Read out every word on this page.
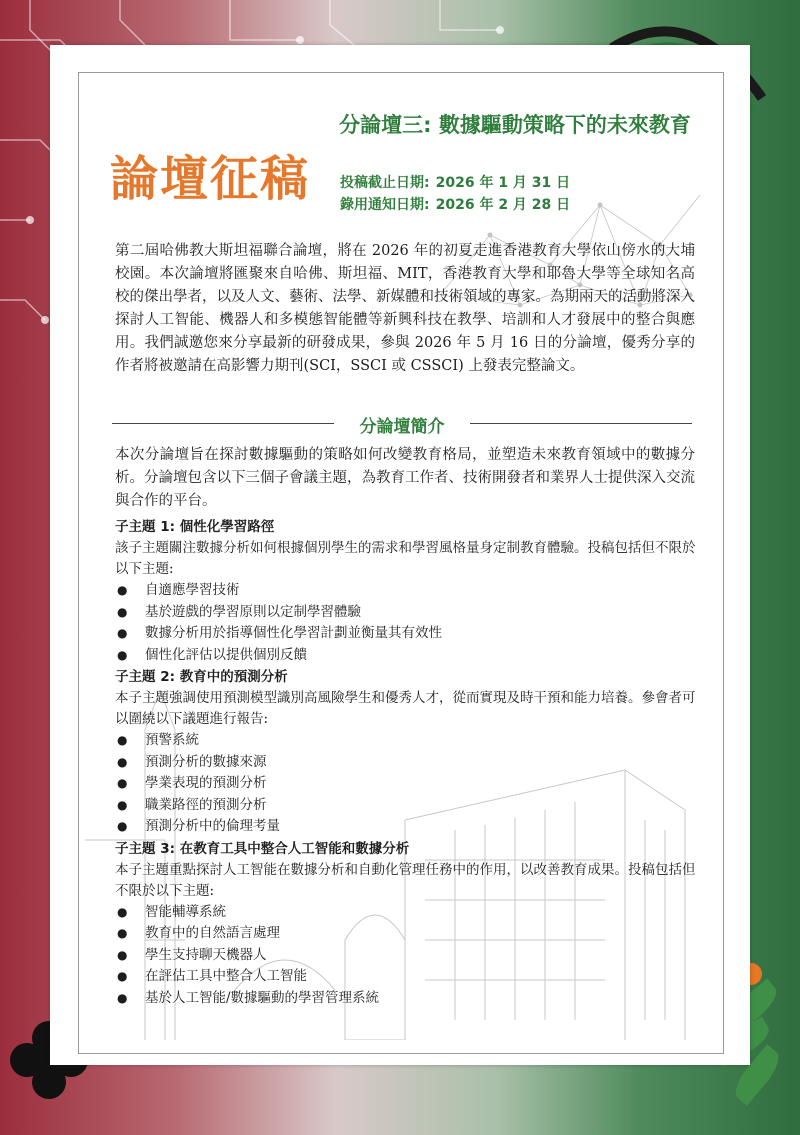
論壇征稿
分論壇三: 數據驅動策略下的未來教育
投稿截止日期: 2026 年 1 月 31 日
錄用通知日期: 2026 年 2 月 28 日
第二屆哈佛教大斯坦福聯合論壇，將在 2026 年的初夏走進香港教育大學依山傍水的大埔校園。本次論壇將匯聚來自哈佛、斯坦福、MIT，香港教育大學和耶魯大學等全球知名高校的傑出學者，以及人文、藝術、法學、新媒體和技術領域的專家。為期兩天的活動將深入探討人工智能、機器人和多模態智能體等新興科技在教學、培訓和人才發展中的整合與應用。我們誠邀您來分享最新的研發成果，參與 2026 年 5 月 16 日的分論壇，優秀分享的作者將被邀請在高影響力期刊(SCI，SSCI 或 CSSCI) 上發表完整論文。
分論壇簡介
本次分論壇旨在探討數據驅動的策略如何改變教育格局，並塑造未來教育領域中的數據分析。分論壇包含以下三個子會議主題，為教育工作者、技術開發者和業界人士提供深入交流與合作的平台。
子主題 1: 個性化學習路徑
該子主題關注數據分析如何根據個別學生的需求和學習風格量身定制教育體驗。投稿包括但不限於以下主題:
● 自適應學習技術
● 基於遊戲的學習原則以定制學習體驗
● 數據分析用於指導個性化學習計劃並衡量其有效性
● 個性化評估以提供個別反饋
子主題 2: 教育中的預測分析
本子主題強調使用預測模型識別高風險學生和優秀人才，從而實現及時干預和能力培養。參會者可以圍繞以下議題進行報告:
● 預警系統
● 預測分析的數據來源
● 學業表現的預測分析
● 職業路徑的預測分析
● 預測分析中的倫理考量
子主題 3: 在教育工具中整合人工智能和數據分析
本子主題重點探討人工智能在數據分析和自動化管理任務中的作用，以改善教育成果。投稿包括但不限於以下主題:
● 智能輔導系統
● 教育中的自然語言處理
● 學生支持聊天機器人
● 在評估工具中整合人工智能
● 基於人工智能/數據驅動的學習管理系統
